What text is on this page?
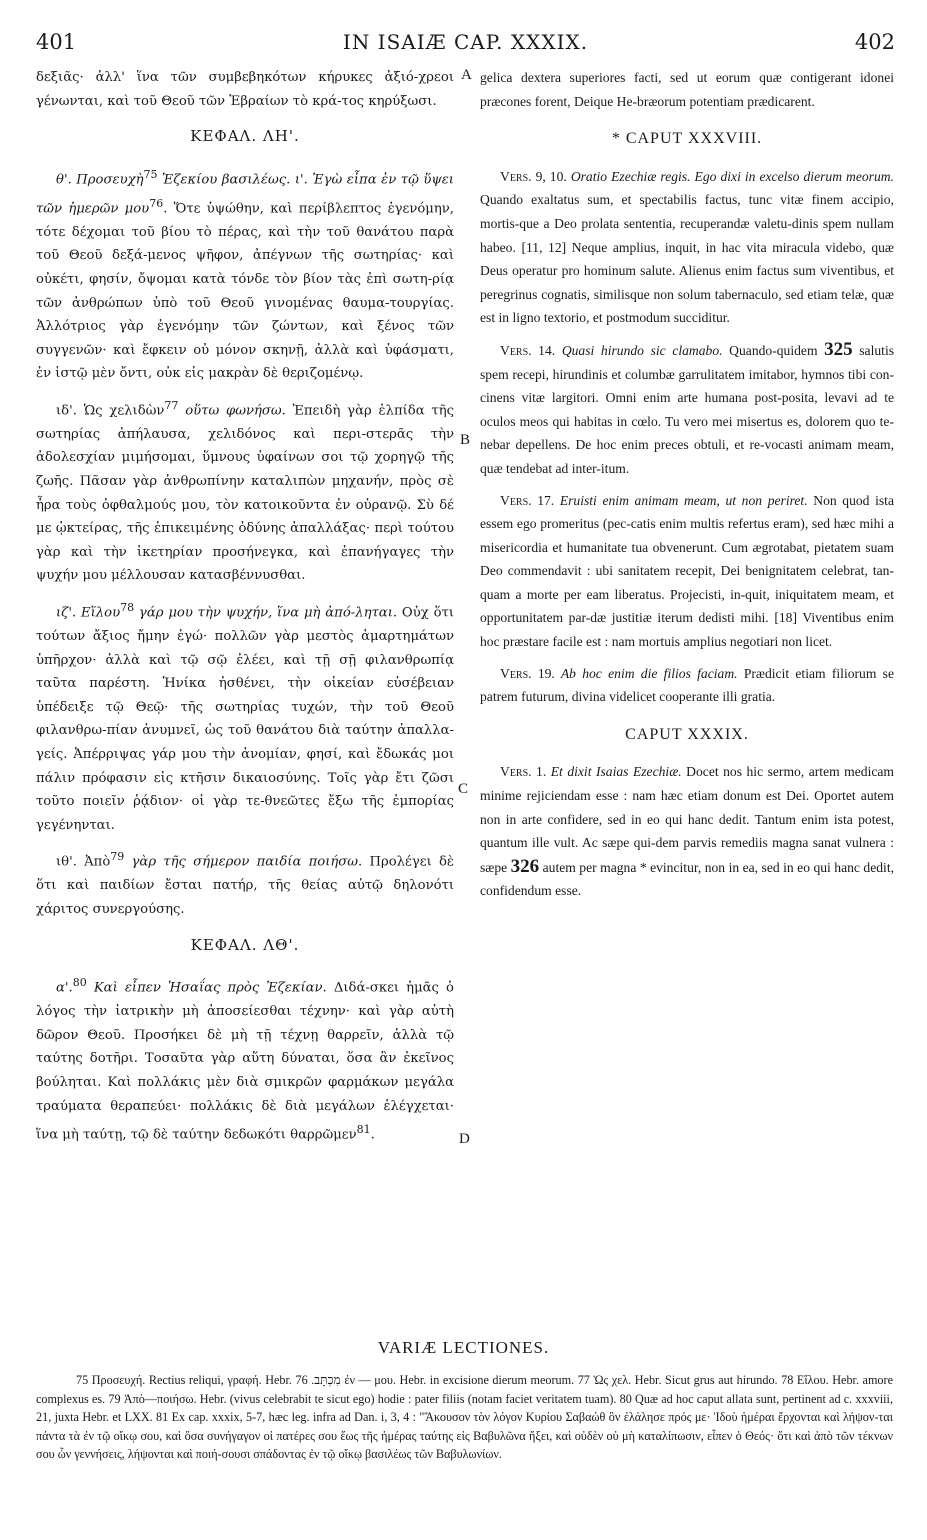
401	IN ISAIÆ CAP. XXXIX.	402
A
B
C
D

δεξιᾶς· ἀλλ' ἵνα τῶν συμβεβηκότων κήρυκες ἀξιό-χρεοι γένωνται, καὶ τοῦ Θεοῦ τῶν Ἑβραίων τὸ κρά-τος κηρύξωσι.

ΚΕΦΑΛ. ΛΗ'.

θ'. Προσευχὴ$^{75}$ Ἐζεκίου βασιλέως. ι'. Ἐγὼ εἶπα ἐν τῷ ὕψει τῶν ἡμερῶν μου$^{76}$. Ὅτε ὑψώθην, καὶ περίβλεπτος ἐγενόμην, τότε δέχομαι τοῦ βίου τὸ πέρας, καὶ τὴν τοῦ θανάτου παρὰ τοῦ Θεοῦ δεξά-μενος ψῆφον, ἀπέγνων τῆς σωτηρίας· καὶ οὐκέτι, φησίν, ὄψομαι κατὰ τόνδε τὸν βίον τὰς ἐπὶ σωτη-ρίᾳ τῶν ἀνθρώπων ὑπὸ τοῦ Θεοῦ γινομένας θαυμα-τουργίας. Ἀλλότριος γὰρ ἐγενόμην τῶν ζώντων, καὶ ξένος τῶν συγγενῶν· καὶ ἔφκειν οὐ μόνον σκηνῇ, ἀλλὰ καὶ ὑφάσματι, ἐν ἱστῷ μὲν ὄντι, οὐκ εἰς μακρὰν δὲ θεριζομένῳ.

ιδ'. Ὡς χελιδὼν$^{77}$ οὕτω φωνήσω. Ἐπειδὴ γὰρ ἐλπίδα τῆς σωτηρίας ἀπήλαυσα, χελιδόνος καὶ περι-στερᾶς τὴν ἀδολεσχίαν μιμήσομαι, ὕμνους ὑφαίνων σοι τῷ χορηγῷ τῆς ζωῆς. Πᾶσαν γὰρ ἀνθρωπίνην καταλιπὼν μηχανήν, πρὸς σὲ ἦρα τοὺς ὀφθαλμούς μου, τὸν κατοικοῦντα ἐν οὐρανῷ. Σὺ δέ με ᾠκτείρας, τῆς ἐπικειμένης ὀδύνης ἀπαλλάξας· περὶ τούτου γὰρ καὶ τὴν ἱκετηρίαν προσήνεγκα, καὶ ἐπανήγαγες τὴν ψυχήν μου μέλλουσαν κατασβέννυσθαι.

ιζ'. Εἵλου$^{78}$ γάρ μου τὴν ψυχήν, ἵνα μὴ ἀπό-ληται. Οὐχ ὅτι τούτων ἄξιος ἤμην ἐγώ· πολλῶν γὰρ μεστὸς ἁμαρτημάτων ὑπῆρχον· ἀλλὰ καὶ τῷ σῷ ἐλέει, καὶ τῇ σῇ φιλανθρωπίᾳ ταῦτα παρέστη. Ἡνίκα ἠσθένει, τὴν οἰκείαν εὐσέβειαν ὑπέδειξε τῷ Θεῷ· τῆς σωτηρίας τυχών, τὴν τοῦ Θεοῦ φιλανθρω-πίαν ἀνυμνεῖ, ὡς τοῦ θανάτου διὰ ταύτην ἀπαλλα-γείς. Ἀπέρριψας γάρ μου τὴν ἀνομίαν, φησί, καὶ ἔδωκάς μοι πάλιν πρόφασιν εἰς κτῆσιν δικαιοσύνης. Τοῖς γὰρ ἔτι ζῶσι τοῦτο ποιεῖν ῥᾴδιον· οἱ γὰρ τε-θνεῶτες ἔξω τῆς ἐμπορίας γεγένηνται.

ιθ'. Ἀπὸ$^{79}$ γὰρ τῆς σήμερον παιδία ποιήσω. Προλέγει δὲ ὅτι καὶ παιδίων ἔσται πατήρ, τῆς θείας αὐτῷ δηλονότι χάριτος συνεργούσης.

ΚΕΦΑΛ. ΛΘ'.

α'.$^{80}$ Καὶ εἶπεν Ἡσαΐας πρὸς Ἐζεκίαν. Διδά-σκει ἡμᾶς ὁ λόγος τὴν ἰατρικὴν μὴ ἀποσείεσθαι τέχνην· καὶ γὰρ αὐτὴ δῶρον Θεοῦ. Προσήκει δὲ μὴ τῇ τέχνῃ θαρρεῖν, ἀλλὰ τῷ ταύτης δοτῆρι. Τοσαῦτα γὰρ αὕτη δύναται, ὅσα ἂν ἐκεῖνος βούληται. Καὶ πολλάκις μὲν διὰ σμικρῶν φαρμάκων μεγάλα τραύματα θεραπεύει· πολλάκις δὲ διὰ μεγάλων ἐλέγχεται· ἵνα μὴ ταύτῃ, τῷ δὲ ταύτην δεδωκότι θαρρῶμεν$^{81}$.

gelica dextera superiores facti, sed ut eorum quæ contigerant idonei præcones forent, Deique He-bræorum potentiam prædicarent.

* CAPUT XXXVIII.

Vers. 9, 10. Oratio Ezechiæ regis. Ego dixi in excelso dierum meorum. Quando exaltatus sum, et spectabilis factus, tunc vitæ finem accipio, mortis-que a Deo prolata sententia, recuperandæ valetu-dinis spem nullam habeo. [11, 12] Neque amplius, inquit, in hac vita miracula videbo, quæ Deus operatur pro hominum salute. Alienus enim factus sum viventibus, et peregrinus cognatis, similisque non solum tabernaculo, sed etiam telæ, quæ est in ligno textorio, et postmodum succiditur.

Vers. 14. Quasi hirundo sic clamabo. Quando-quidem 325 salutis spem recepi, hirundinis et columbæ garrulitatem imitabor, hymnos tibi con-cinens vitæ largitori. Omni enim arte humana post-posita, levavi ad te oculos meos qui habitas in cœlo. Tu vero mei misertus es, dolorem quo te-nebar depellens. De hoc enim preces obtuli, et re-vocasti animam meam, quæ tendebat ad inter-itum.

Vers. 17. Eruisti enim animam meam, ut non periret. Non quod ista essem ego promeritus (pec-catis enim multis refertus eram), sed hæc mihi a misericordia et humanitate tua obvenerunt. Cum ægrotabat, pietatem suam Deo commendavit : ubi sanitatem recepit, Dei benignitatem celebrat, tan-quam a morte per eam liberatus. Projecisti, in-quit, iniquitatem meam, et opportunitatem par-dæ justitiæ iterum dedisti mihi. [18] Viventibus enim hoc præstare facile est : nam mortuis amplius negotiari non licet.

Vers. 19. Ab hoc enim die filios faciam. Prædicit etiam filiorum se patrem futurum, divina videlicet cooperante illi gratia.

CAPUT XXXIX.

Vers. 1. Et dixit Isaias Ezechiæ. Docet nos hic sermo, artem medicam minime rejiciendam esse : nam hæc etiam donum est Dei. Oportet autem non in arte confidere, sed in eo qui hanc dedit. Tantum enim ista potest, quantum ille vult. Ac sæpe qui-dem parvis remediis magna sanat vulnera : sæpe 326 autem per magna * evincitur, non in ea, sed in eo qui hanc dedit, confidendum esse.

VARIÆ LECTIONES.

75 Προσευχή. Rectius reliqui, γραφή. Hebr. מִכְתָּב. 76 ἐν — μου. Hebr. in excisione dierum meorum. 77 Ὡς χελ. Hebr. Sicut grus aut hirundo. 78 Εἵλου. Hebr. amore complexus es. 79 Ἀπὸ—ποιήσω. Hebr. (vivus celebrabit te sicut ego) hodie : pater filiis (notam faciet veritatem tuam). 80 Quæ ad hoc caput allata sunt, pertinent ad c. xxxviii, 21, juxta Hebr. et LXX. 81 Ex cap. xxxix, 5-7, hæc leg. infra ad Dan. i, 3, 4 : "Ἄκουσον τὸν λόγον Κυρίου Σαβαώθ ὃν ἐλάλησε πρός με· Ἰδοὺ ἡμέραι ἔρχονται καὶ λήψον-ται πάντα τὰ ἐν τῷ οἴκῳ σου, καὶ ὅσα συνήγαγον οἱ πατέρες σου ἕως τῆς ἡμέρας ταύτης εἰς Βαβυλῶνα ἥξει, καὶ οὐδὲν οὐ μὴ καταλίπωσιν, εἶπεν ὁ Θεός· ὅτι καὶ ἀπὸ τῶν τέκνων σου ὧν γεννήσεις, λήψονται καὶ ποιή-σουσι σπάδοντας ἐν τῷ οἴκῳ βασιλέως τῶν Βαβυλωνίων.
